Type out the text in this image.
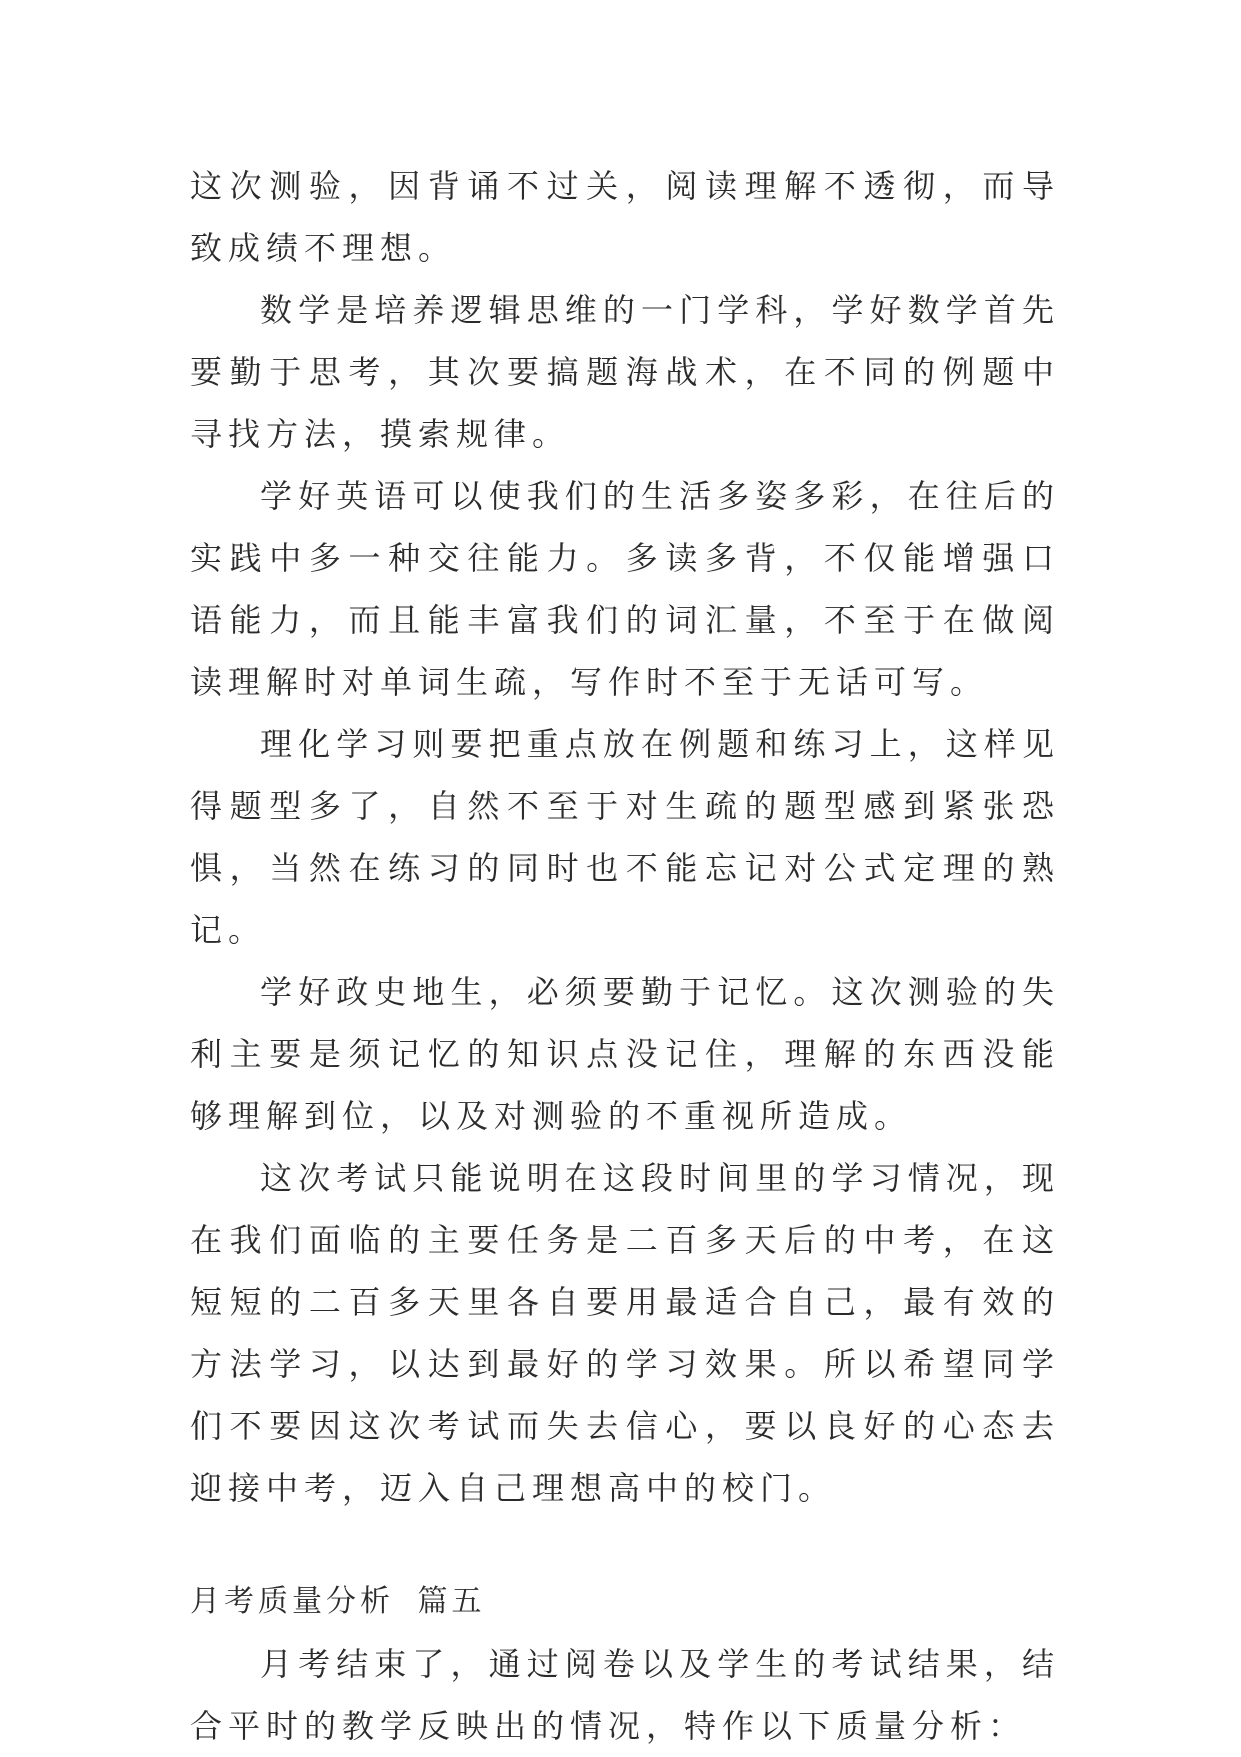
这次测验，因背诵不过关，阅读理解不透彻，而导致成绩不理想。

数学是培养逻辑思维的一门学科，学好数学首先要勤于思考，其次要搞题海战术，在不同的例题中寻找方法，摸索规律。

学好英语可以使我们的生活多姿多彩，在往后的实践中多一种交往能力。多读多背，不仅能增强口语能力，而且能丰富我们的词汇量，不至于在做阅读理解时对单词生疏，写作时不至于无话可写。

理化学习则要把重点放在例题和练习上，这样见得题型多了，自然不至于对生疏的题型感到紧张恐惧，当然在练习的同时也不能忘记对公式定理的熟记。

学好政史地生，必须要勤于记忆。这次测验的失利主要是须记忆的知识点没记住，理解的东西没能够理解到位，以及对测验的不重视所造成。

这次考试只能说明在这段时间里的学习情况，现在我们面临的主要任务是二百多天后的中考，在这短短的二百多天里各自要用最适合自己，最有效的方法学习，以达到最好的学习效果。所以希望同学们不要因这次考试而失去信心，要以良好的心态去迎接中考，迈入自己理想高中的校门。

月考质量分析 篇五

月考结束了，通过阅卷以及学生的考试结果，结合平时的教学反映出的情况，特作以下质量分析：
